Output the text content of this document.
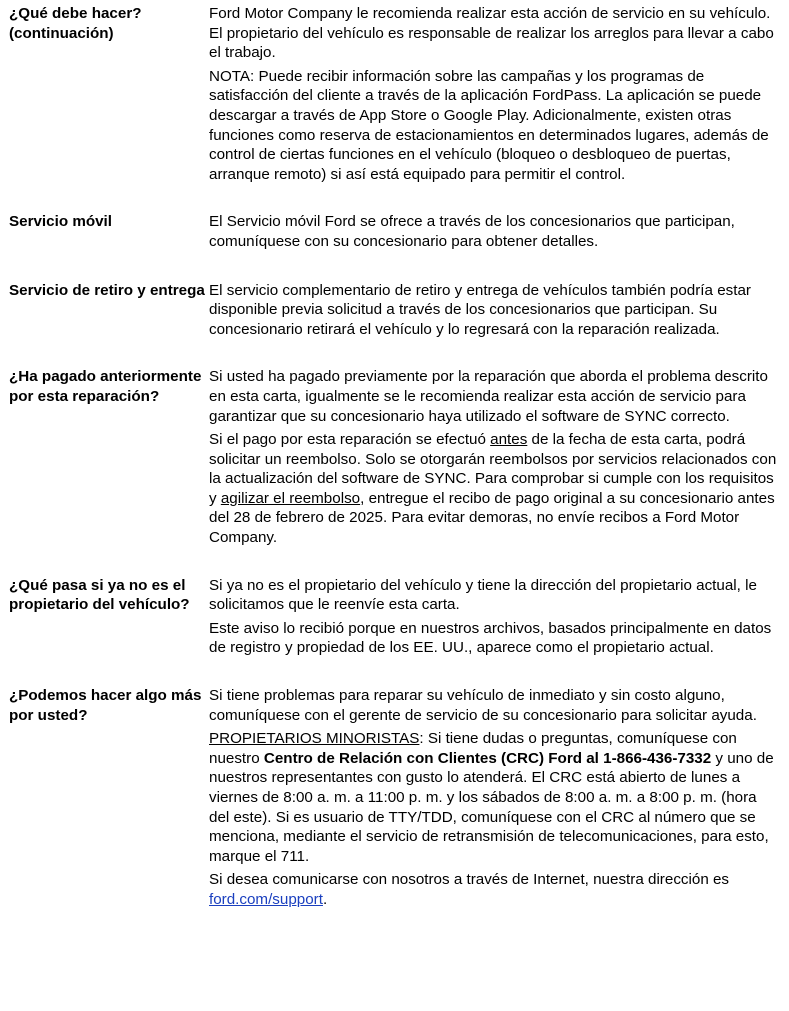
¿Qué debe hacer? (continuación)

Ford Motor Company le recomienda realizar esta acción de servicio en su vehículo. El propietario del vehículo es responsable de realizar los arreglos para llevar a cabo el trabajo.

NOTA: Puede recibir información sobre las campañas y los programas de satisfacción del cliente a través de la aplicación FordPass. La aplicación se puede descargar a través de App Store o Google Play. Adicionalmente, existen otras funciones como reserva de estacionamientos en determinados lugares, además de control de ciertas funciones en el vehículo (bloqueo o desbloqueo de puertas, arranque remoto) si así está equipado para permitir el control.

Servicio móvil	El Servicio móvil Ford se ofrece a través de los concesionarios que participan, comuníquese con su concesionario para obtener detalles.

Servicio de retiro y entrega El servicio complementario de retiro y entrega de vehículos también podría estar disponible previa solicitud a través de los concesionarios que participan. Su concesionario retirará el vehículo y lo regresará con la reparación realizada.

¿Ha pagado anteriormente por esta reparación?

Si usted ha pagado previamente por la reparación que aborda el problema descrito en esta carta, igualmente se le recomienda realizar esta acción de servicio para garantizar que su concesionario haya utilizado el software de SYNC correcto.

Si el pago por esta reparación se efectuó antes de la fecha de esta carta, podrá solicitar un reembolso. Solo se otorgarán reembolsos por servicios relacionados con la actualización del software de SYNC. Para comprobar si cumple con los requisitos y agilizar el reembolso, entregue el recibo de pago original a su concesionario antes del 28 de febrero de 2025. Para evitar demoras, no envíe recibos a Ford Motor Company.

¿Qué pasa si ya no es el propietario del vehículo?

Si ya no es el propietario del vehículo y tiene la dirección del propietario actual, le solicitamos que le reenvíe esta carta.

Este aviso lo recibió porque en nuestros archivos, basados principalmente en datos de registro y propiedad de los EE. UU., aparece como el propietario actual.

¿Podemos hacer algo más por usted?

Si tiene problemas para reparar su vehículo de inmediato y sin costo alguno, comuníquese con el gerente de servicio de su concesionario para solicitar ayuda.

PROPIETARIOS MINORISTAS: Si tiene dudas o preguntas, comuníquese con nuestro Centro de Relación con Clientes (CRC) Ford al 1-866-436-7332 y uno de nuestros representantes con gusto lo atenderá. El CRC está abierto de lunes a viernes de 8:00 a. m. a 11:00 p. m. y los sábados de 8:00 a. m. a 8:00 p. m. (hora del este). Si es usuario de TTY/TDD, comuníquese con el CRC al número que se menciona, mediante el servicio de retransmisión de telecomunicaciones, para esto, marque el 711.

Si desea comunicarse con nosotros a través de Internet, nuestra dirección es ford.com/support.
